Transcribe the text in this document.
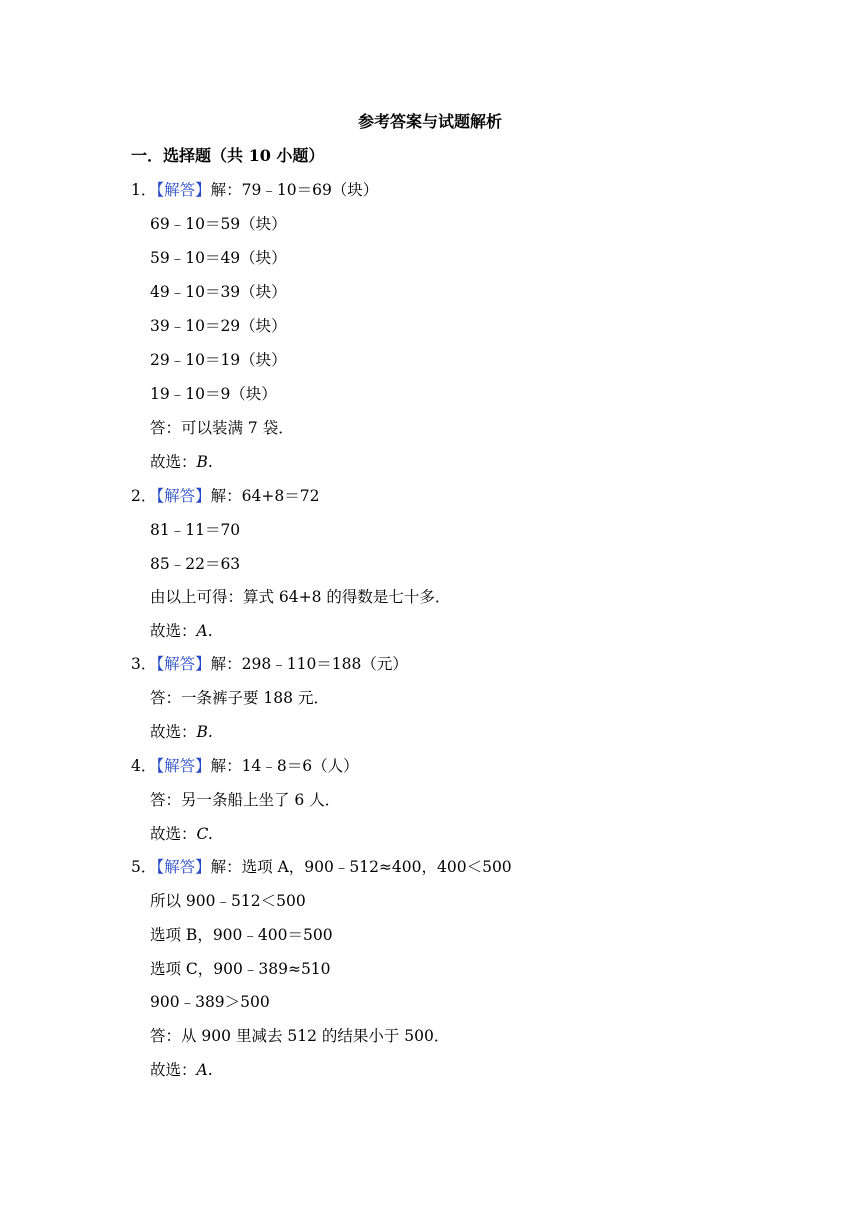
参考答案与试题解析
一．选择题（共 10 小题）
1．【解答】解：79﹣10＝69（块）
69﹣10＝59（块）
59﹣10＝49（块）
49﹣10＝39（块）
39﹣10＝29（块）
29﹣10＝19（块）
19﹣10＝9（块）
答：可以装满 7 袋．
故选：B.
2．【解答】解：64+8＝72
81﹣11＝70
85﹣22＝63
由以上可得：算式 64+8 的得数是七十多．
故选：A.
3．【解答】解：298﹣110＝188（元）
答：一条裤子要 188 元．
故选：B.
4．【解答】解：14﹣8＝6（人）
答：另一条船上坐了 6 人．
故选：C.
5．【解答】解：选项 A，900﹣512≈400，400＜500
所以 900﹣512＜500
选项 B，900﹣400＝500
选项 C，900﹣389≈510
900﹣389＞500
答：从 900 里减去 512 的结果小于 500．
故选：A.
